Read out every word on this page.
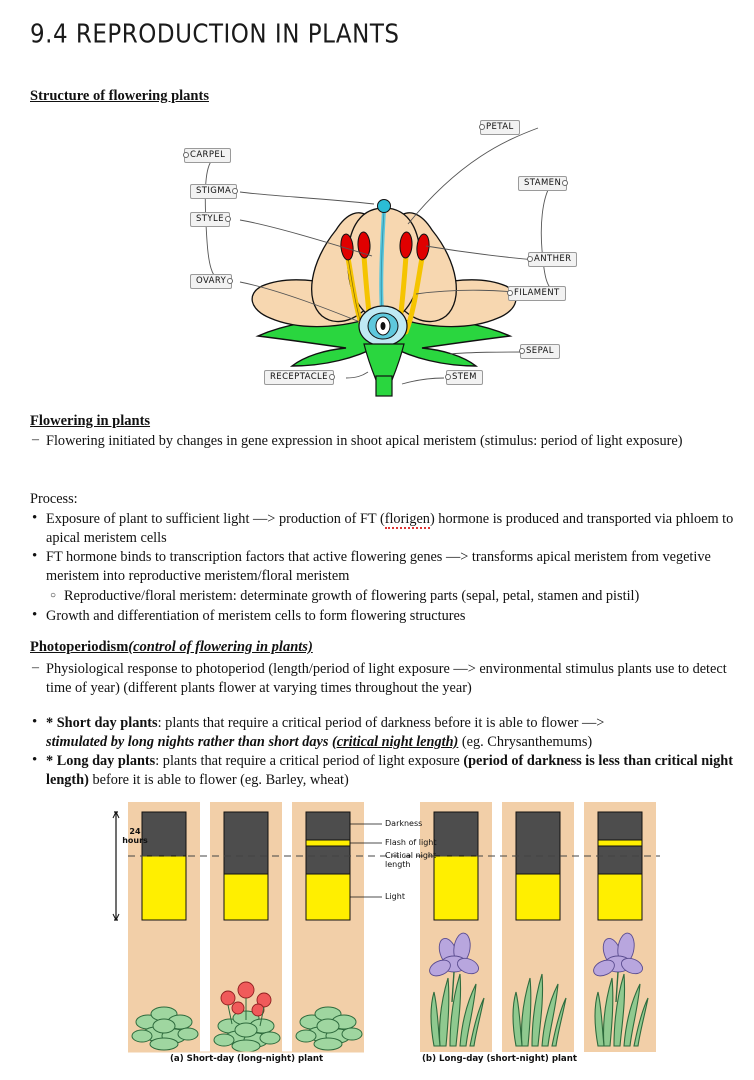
9.4 REPRODUCTION IN PLANTS
Structure of flowering plants
PETAL
CARPEL
STIGMA
STYLE
OVARY
STAMEN
ANTHER
FILAMENT
SEPAL
RECEPTACLE	STEM
Flowering in plants
– Flowering initiated by changes in gene expression in shoot apical meristem (stimulus: period of light exposure)
Process:
• Exposure of plant to sufficient light —> production of FT (florigen) hormone is produced and transported via phloem to apical meristem cells
• FT hormone binds to transcription factors that active flowering genes —> transforms apical meristem from vegetive meristem into reproductive meristem/floral meristem
○ Reproductive/floral meristem: determinate growth of flowering parts (sepal, petal, stamen and pistil)
• Growth and differentiation of meristem cells to form flowering structures
Photoperiodism(control of flowering in plants)
– Physiological response to photoperiod (length/period of light exposure —> environmental stimulus plants use to detect time of year) (different plants flower at varying times throughout the year)
• * Short day plants: plants that require a critical period of darkness before it is able to flower —>
stimulated by long nights rather than short days (critical night length) (eg. Chrysanthemums)
• * Long day plants: plants that require a critical period of light exposure (period of darkness is less than critical night length) before it is able to flower (eg. Barley, wheat)
24
hours
Darkness
Flash of light
Critical night
length
Light
(a) Short-day (long-night) plant	(b) Long-day (short-night) plant
